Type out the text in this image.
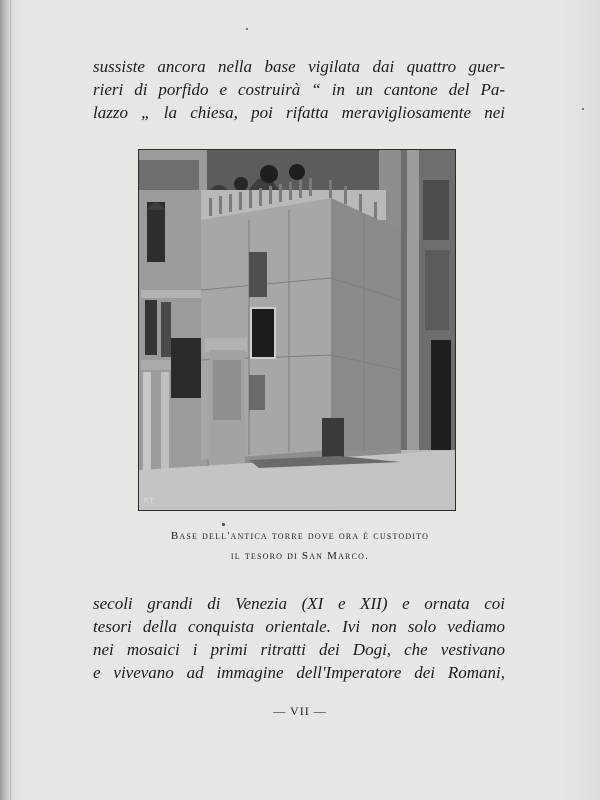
sussiste ancora nella base vigilata dai quattro guer-
rieri di porfido e costruirà “ in un cantone del Pa-
lazzo „ la chiesa, poi rifatta meravigliosamente nei
F.T.
Base dell'antica torre dove ora è custodito
il tesoro di San Marco.
secoli grandi di Venezia (XI e XII) e ornata coi
tesori della conquista orientale. Ivi non solo vediamo
nei mosaici i primi ritratti dei Dogi, che vestivano
e vivevano ad immagine dell'Imperatore dei Romani,
— VII —
